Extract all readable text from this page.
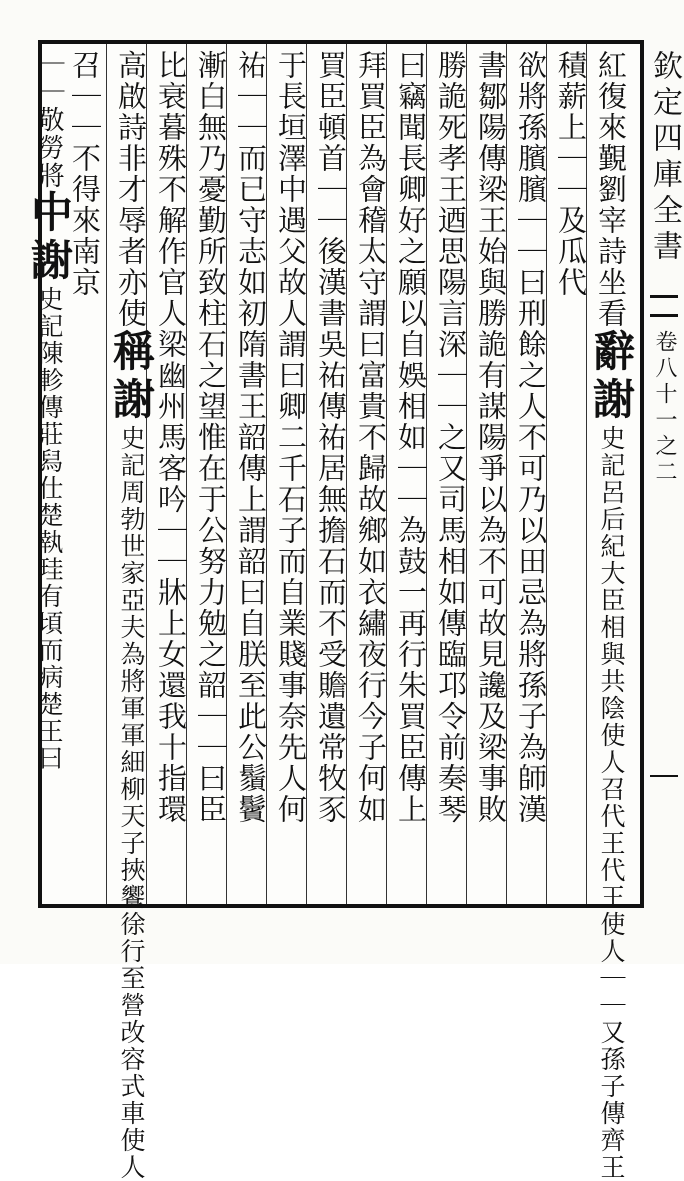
欽定四庫全書
卷八十一之二
紅復來覲劉宰詩坐看辭謝史記呂后紀大臣相與共陰使人召代王代王使人｜｜又孫子傳齊王
積薪上｜｜及瓜代
欲將孫臏臏｜｜曰刑餘之人不可乃以田忌為將孫子為師漢
書鄒陽傳梁王始與勝詭有謀陽爭以為不可故見讒及梁事敗
勝詭死孝王迺思陽言深｜｜之又司馬相如傳臨邛令前奏琴
曰竊聞長卿好之願以自娛相如｜｜為鼓一再行朱買臣傳上
拜買臣為會稽太守謂曰富貴不歸故鄉如衣繡夜行今子何如
買臣頓首｜｜後漢書吳祐傳祐居無擔石而不受贍遺常牧豕
于長垣澤中遇父故人謂曰卿二千石子而自業賤事奈先人何
祐｜｜而已守志如初隋書王韶傳上謂韶曰自朕至此公鬚鬢
漸白無乃憂勤所致柱石之望惟在于公努力勉之韶｜｜曰臣
比衰暮殊不解作官人梁幽州馬客吟｜｜牀上女還我十指環
高啟詩非才辱者亦使稱謝史記周勃世家亞夫為將軍軍細柳天子挾饗徐行至營改容式車使人
召｜｜不得來南京
｜｜敬勞將中謝史記陳軫傳莊舄仕楚執珪有頃而病楚王曰
